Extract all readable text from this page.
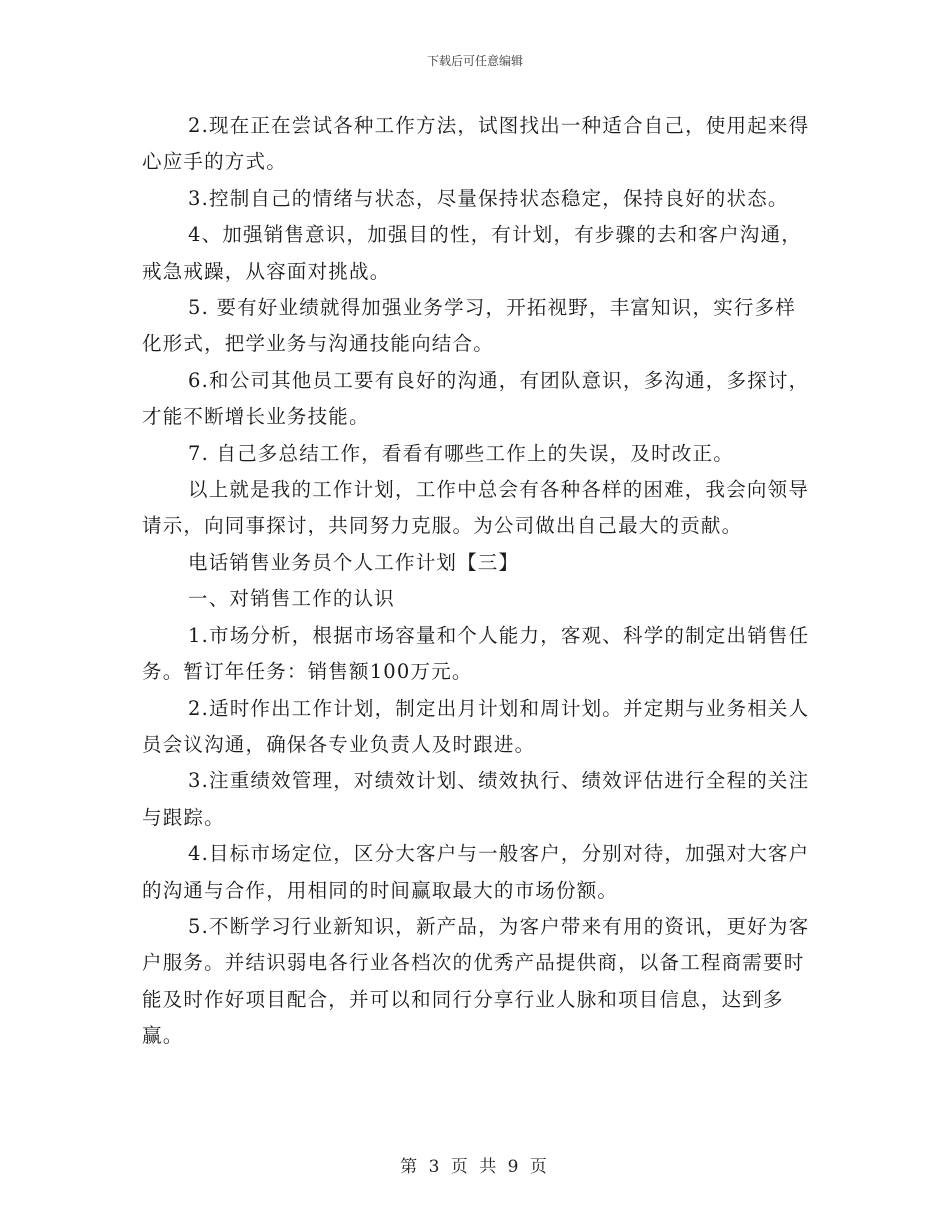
下载后可任意编辑

2.现在正在尝试各种工作方法，试图找出一种适合自己，使用起来得心应手的方式。

3.控制自己的情绪与状态，尽量保持状态稳定，保持良好的状态。

4、加强销售意识，加强目的性，有计划，有步骤的去和客户沟通，戒急戒躁，从容面对挑战。

5. 要有好业绩就得加强业务学习，开拓视野，丰富知识，实行多样化形式，把学业务与沟通技能向结合。

6.和公司其他员工要有良好的沟通，有团队意识，多沟通，多探讨，才能不断增长业务技能。

7. 自己多总结工作，看看有哪些工作上的失误，及时改正。

以上就是我的工作计划，工作中总会有各种各样的困难，我会向领导请示，向同事探讨，共同努力克服。为公司做出自己最大的贡献。

电话销售业务员个人工作计划【三】

一、对销售工作的认识

1.市场分析，根据市场容量和个人能力，客观、科学的制定出销售任务。暂订年任务：销售额100万元。

2.适时作出工作计划，制定出月计划和周计划。并定期与业务相关人员会议沟通，确保各专业负责人及时跟进。

3.注重绩效管理，对绩效计划、绩效执行、绩效评估进行全程的关注与跟踪。

4.目标市场定位，区分大客户与一般客户，分别对待，加强对大客户的沟通与合作，用相同的时间赢取最大的市场份额。

5.不断学习行业新知识，新产品，为客户带来有用的资讯，更好为客户服务。并结识弱电各行业各档次的优秀产品提供商，以备工程商需要时能及时作好项目配合，并可以和同行分享行业人脉和项目信息，达到多赢。

第 3 页 共 9 页
